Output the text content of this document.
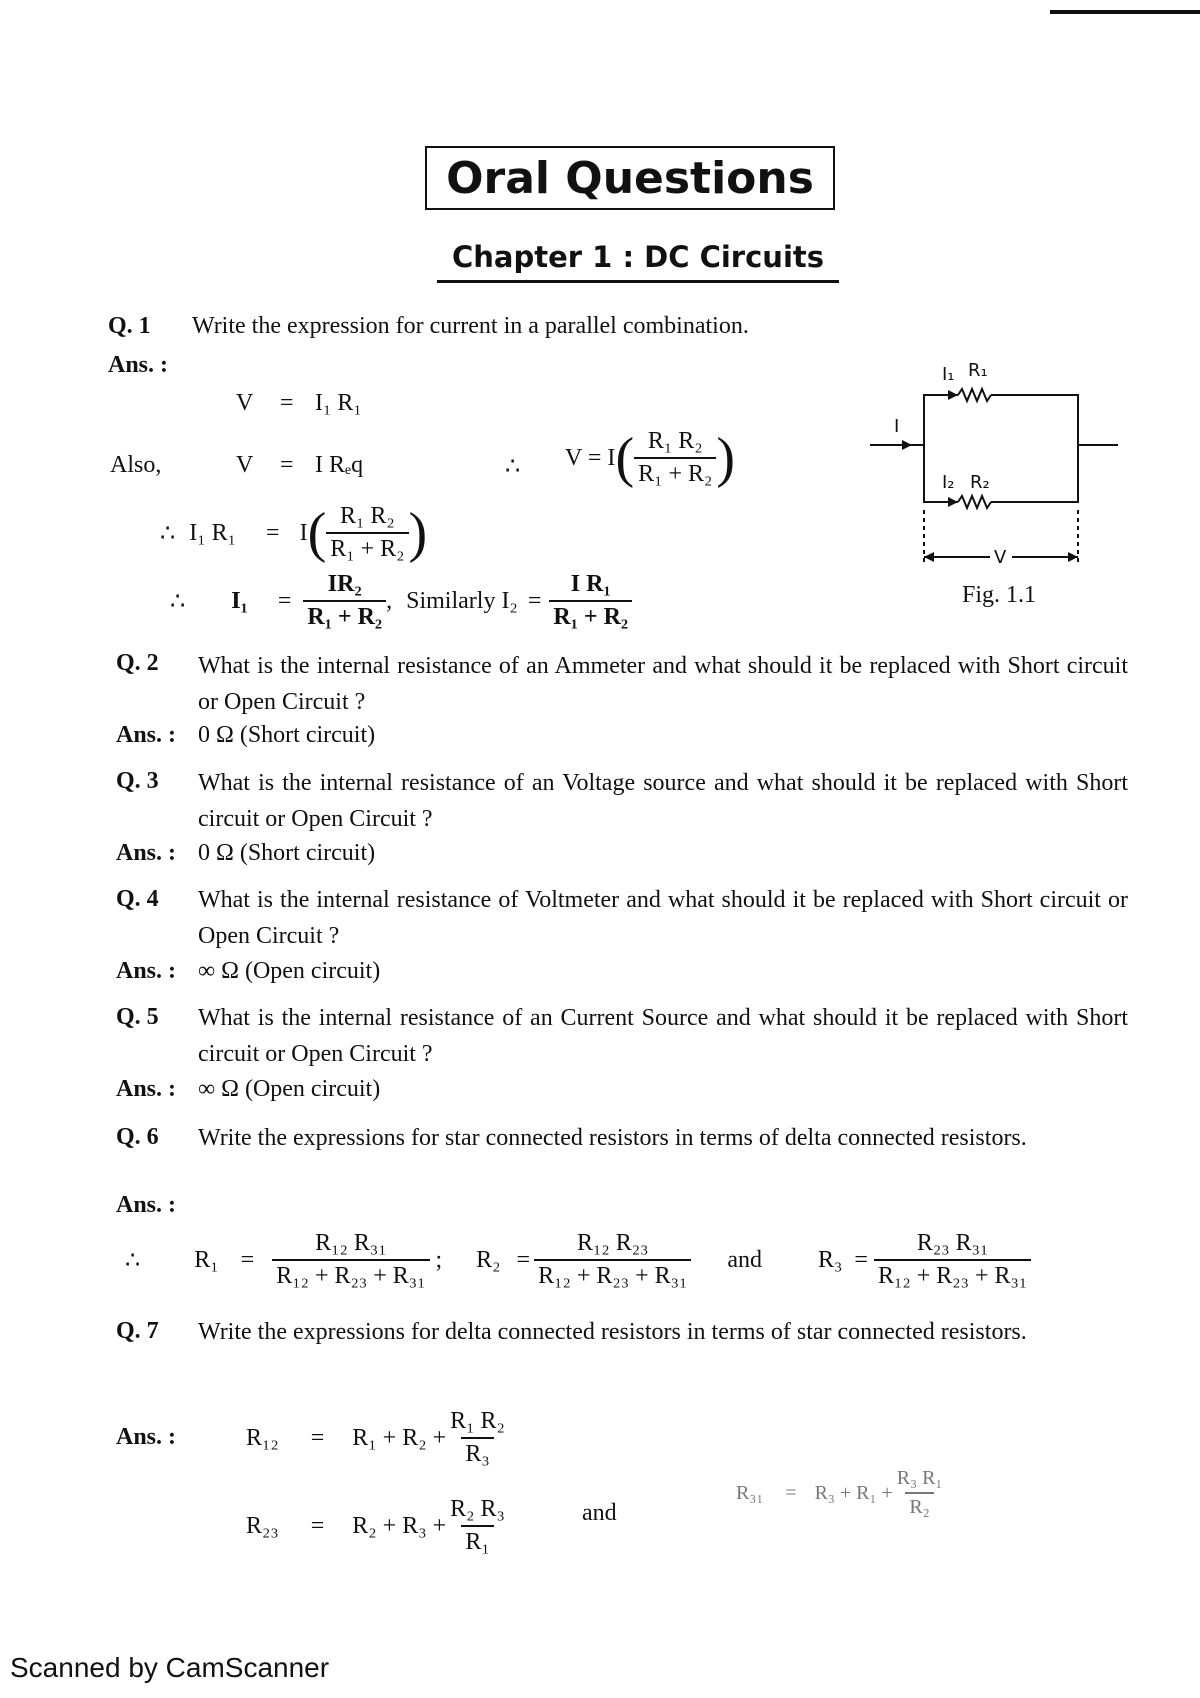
Oral Questions
Chapter 1 : DC Circuits
Q. 1 Write the expression for current in a parallel combination.
Ans. :
V = I₁ R₁
Also,	V = I Rₑq	∴ V = I ( $\frac{\text{R₁ R₂}}{\text{R₁ + R₂}}$ )
∴ I₁ R₁ = I ( $\frac{\text{R₁ R₂}}{\text{R₁ + R₂}}$ )
∴ $I_1 = \frac{\text{IR₂}}{\text{R₁ + R₂}}$ , Similarly $I_2 = \frac{\text{I R₁}}{\text{R₁ + R₂}}$
I
I₁ R₁
I₂ R₂
V
Fig. 1.1
Q. 2 What is the internal resistance of an Ammeter and what should it be replaced with Short circuit or Open Circuit ?
Ans. : 0 Ω (Short circuit)
Q. 3 What is the internal resistance of an Voltage source and what should it be replaced with Short circuit or Open Circuit ?
Ans. : 0 Ω (Short circuit)
Q. 4 What is the internal resistance of Voltmeter and what should it be replaced with Short circuit or Open Circuit ?
Ans. : ∞ Ω (Open circuit)
Q. 5 What is the internal resistance of an Current Source and what should it be replaced with Short circuit or Open Circuit ?
Ans. : ∞ Ω (Open circuit)
Q. 6 Write the expressions for star connected resistors in terms of delta connected resistors.
Ans. :
∴ $R_1 = \frac{\text{R₁₂ R₃₁}}{\text{R₁₂ + R₂₃ + R₃₁}}$ ; $R_2 = \frac{\text{R₁₂ R₂₃}}{\text{R₁₂ + R₂₃ + R₃₁}}$ and $R_3 = \frac{\text{R₂₃ R₃₁}}{\text{R₁₂ + R₂₃ + R₃₁}}$
Q. 7 Write the expressions for delta connected resistors in terms of star connected resistors.
Ans. :	$R_{12} = R_1 + R_2 + \frac{\text{R₁ R₂}}{\text{R₃}}$
$R_{23} = R_2 + R_3 + \frac{\text{R₂ R₃}}{\text{R₁}}$	and
$R_{31} = R_3 + R_1 + \frac{\text{R₃ R₁}}{\text{R₂}}$
Scanned by CamScanner
